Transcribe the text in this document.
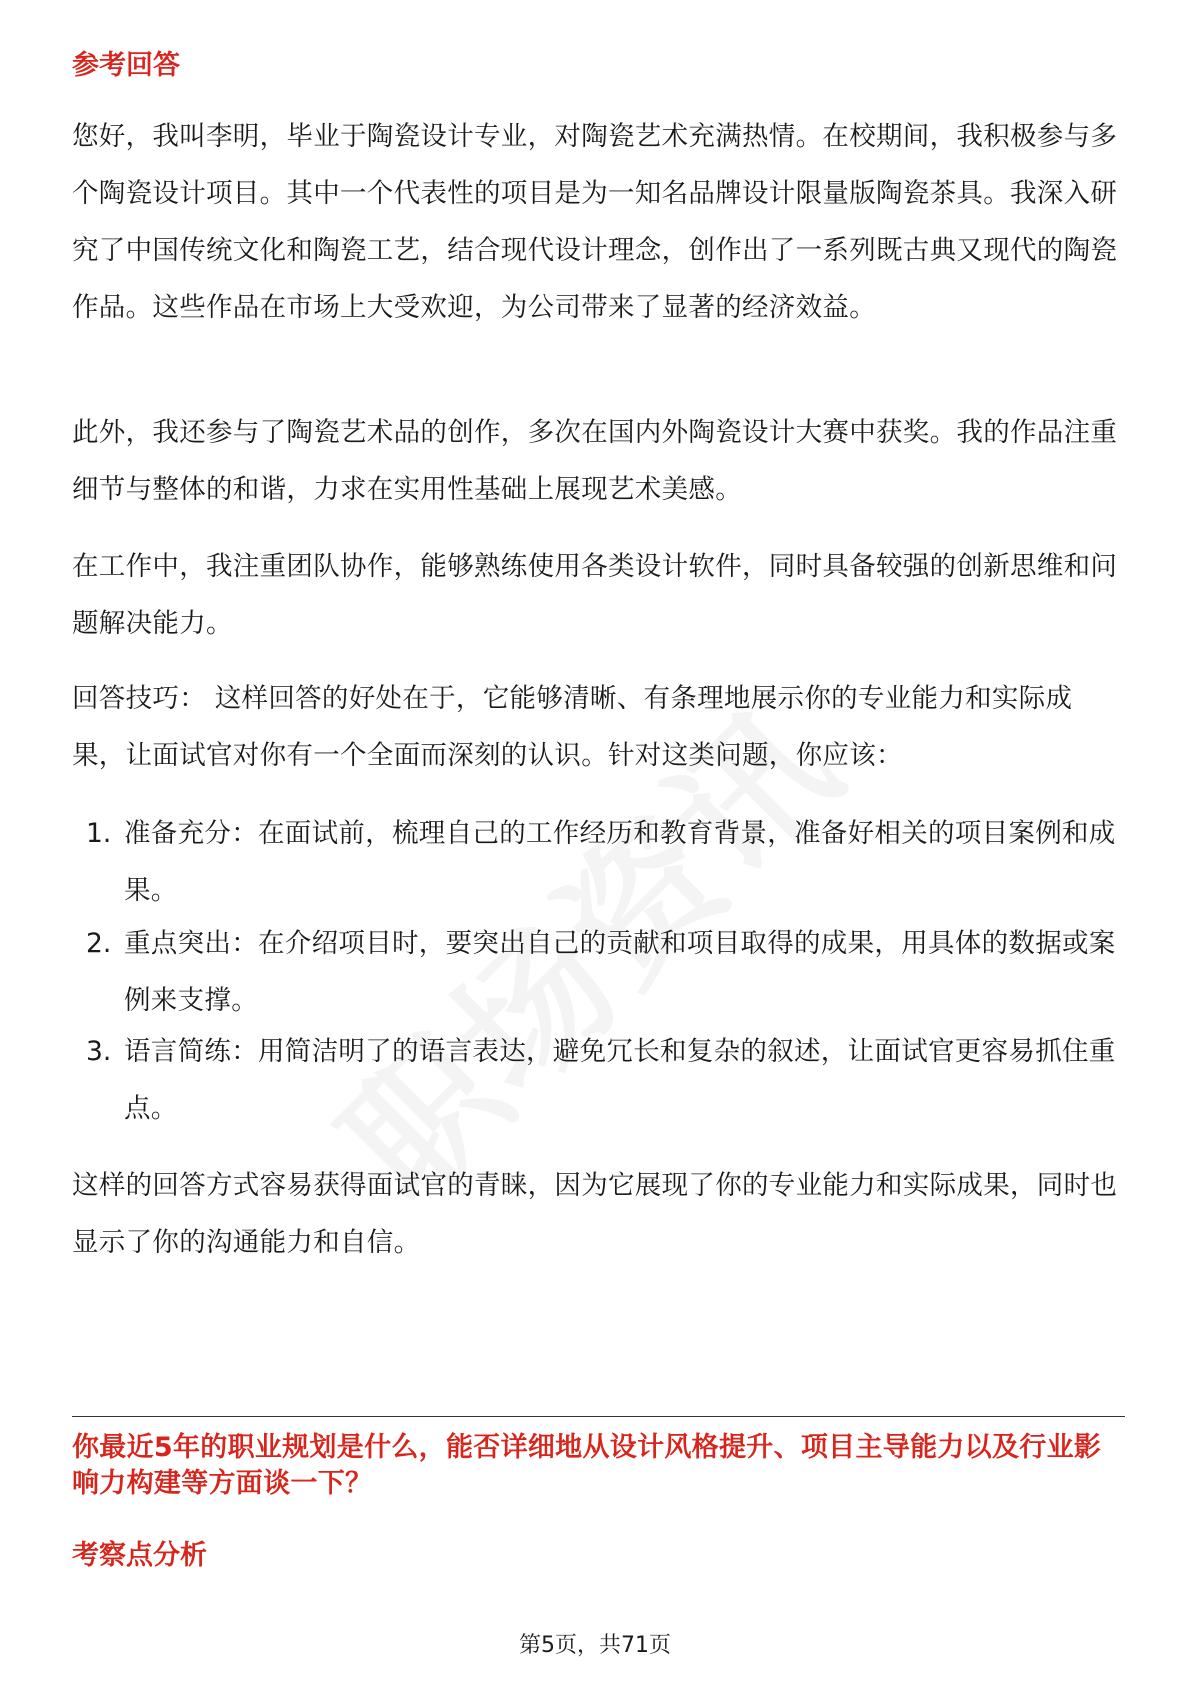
参考回答
您好，我叫李明，毕业于陶瓷设计专业，对陶瓷艺术充满热情。在校期间，我积极参与多个陶瓷设计项目。其中一个代表性的项目是为一知名品牌设计限量版陶瓷茶具。我深入研究了中国传统文化和陶瓷工艺，结合现代设计理念，创作出了一系列既古典又现代的陶瓷作品。这些作品在市场上大受欢迎，为公司带来了显著的经济效益。
此外，我还参与了陶瓷艺术品的创作，多次在国内外陶瓷设计大赛中获奖。我的作品注重细节与整体的和谐，力求在实用性基础上展现艺术美感。
在工作中，我注重团队协作，能够熟练使用各类设计软件，同时具备较强的创新思维和问题解决能力。
回答技巧： 这样回答的好处在于，它能够清晰、有条理地展示你的专业能力和实际成果，让面试官对你有一个全面而深刻的认识。针对这类问题，你应该：
1. 准备充分：在面试前，梳理自己的工作经历和教育背景，准备好相关的项目案例和成果。
2. 重点突出：在介绍项目时，要突出自己的贡献和项目取得的成果，用具体的数据或案例来支撑。
3. 语言简练：用简洁明了的语言表达，避免冗长和复杂的叙述，让面试官更容易抓住重点。
这样的回答方式容易获得面试官的青睐，因为它展现了你的专业能力和实际成果，同时也显示了你的沟通能力和自信。
你最近5年的职业规划是什么，能否详细地从设计风格提升、项目主导能力以及行业影响力构建等方面谈一下？
考察点分析
第5页，共71页
